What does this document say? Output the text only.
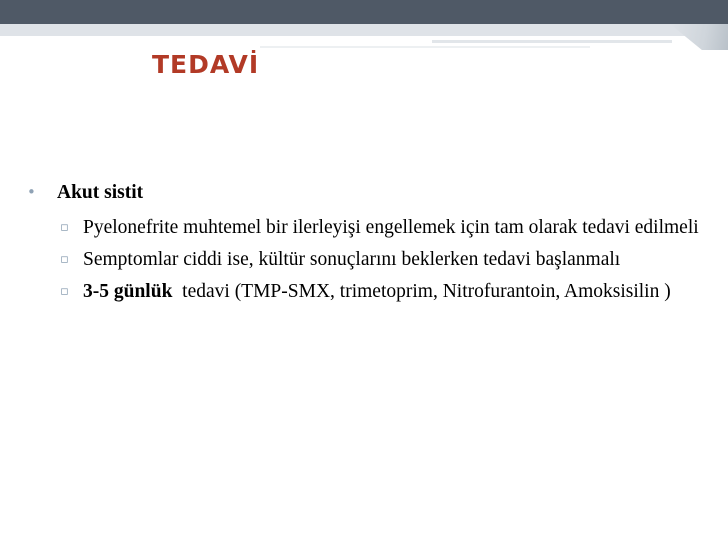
TEDAVİ
• Akut sistit
▫ Pyelonefrite muhtemel bir ilerleyişi engellemek için tam olarak tedavi edilmeli
▫ Semptomlar ciddi ise, kültür sonuçlarını beklerken tedavi başlanmalı
▫ 3-5 günlük  tedavi (TMP-SMX, trimetoprim, Nitrofurantoin, Amoksisilin )
